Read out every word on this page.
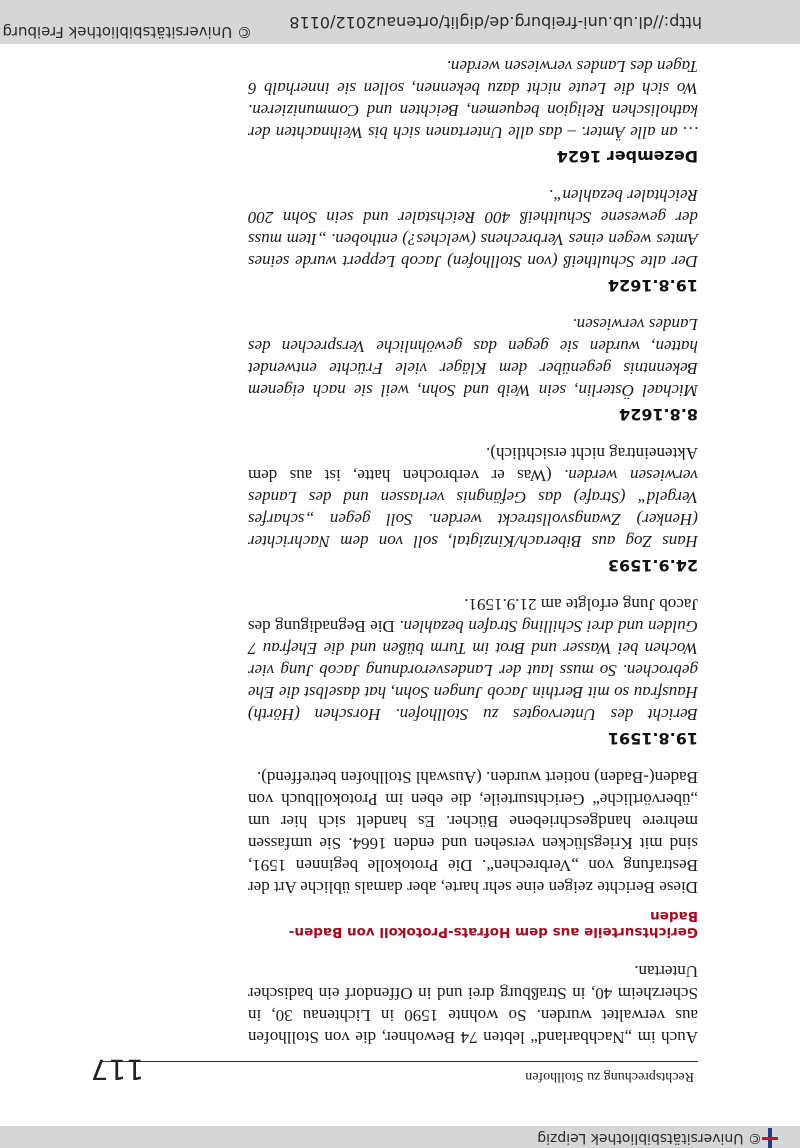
© Universitätsbibliothek Leipzig
Rechtsprechung zu Stollhofen
117

Auch im „Nachbarland“ lebten 74 Bewohner, die von Stollhofen aus verwaltet wurden. So wohnte 1590 in Lichtenau 30, in Scherzheim 40, in Straßburg drei und in Offendorf ein badischer Untertan.

Gerichtsurteile aus dem Hofrats-Protokoll von Baden-Baden

Diese Berichte zeigen eine sehr harte, aber damals übliche Art der Bestrafung von „Verbrechen“. Die Protokolle beginnen 1591, sind mit Kriegslücken versehen und enden 1664. Sie umfassen mehrere handgeschriebene Bücher. Es handelt sich hier um „übervörtliche“ Gerichtsurteile, die eben im Protokollbuch von Baden(-Baden) notiert wurden. (Auswahl Stollhofen betreffend).

19.8.1591

Bericht des Untervogtes zu Stollhofen. Horschen (Hörth) Hausfrau so mit Berthin Jacob Jungen Sohn, hat daselbst die Ehe gebrochen. So muss laut der Landesverordnung Jacob Jung vier Wochen bei Wasser und Brot im Turm büßen und die Ehefrau 7 Gulden und drei Schilling Strafen bezahlen. Die Begnadigung des Jacob Jung erfolgte am 21.9.1591.

24.9.1593

Hans Zog aus Biberach/Kinzigtal, soll von dem Nachrichter (Henker) Zwangsvollstreckt werden. Soll gegen „scharfes Vergeld“ (Strafe) das Gefängnis verlassen und des Landes verwiesen werden. (Was er verbrochen hatte, ist aus dem Akteneintrag nicht ersichtlich).

8.8.1624

Michael Österlin, sein Weib und Sohn, weil sie nach eigenem Bekenntnis gegenüber dem Kläger viele Früchte entwendet hatten, wurden sie gegen das gewöhnliche Versprechen des Landes verwiesen.

19.8.1624

Der alte Schultheiß (von Stollhofen) Jacob Leppert wurde seines Amtes wegen eines Verbrechens (welches?) enthoben. „Item muss der gewesene Schultheiß 400 Reichstaler und sein Sohn 200 Reichtaler bezahlen“.

Dezember 1624

… an alle Ämter. – das alle Untertanen sich bis Weihnachten der katholischen Religion bequemen, Beichten und Communizieren. Wo sich die Leute nicht dazu bekennen, sollen sie innerhalb 6 Tagen des Landes verwiesen werden.

http://dl.ub.uni-freiburg.de/diglit/ortenau2012/0118
© Universitätsbibliothek Freiburg
